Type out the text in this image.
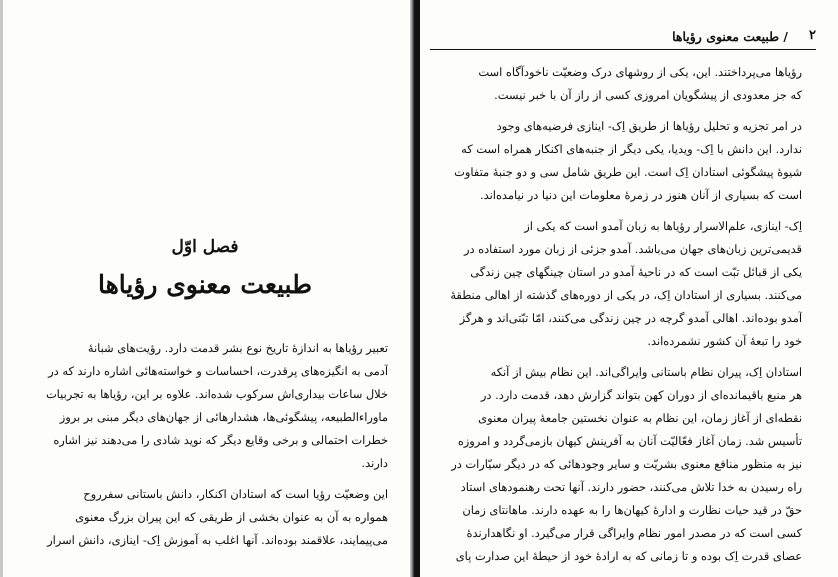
فصل اوّل
طبیعت معنوی رؤیاها
تعبیر رؤیاها به اندازهٔ تاریخ نوع بشر قدمت دارد. رؤیت‌های شبانهٔ
آدمی به انگیزه‌های پرقدرت، احساسات و خواسته‌هائی اشاره دارند که در
خلال ساعات بیداری‌اش سرکوب شده‌اند. علاوه بر این، رؤیاها به تجربیات
ماوراءالطبیعه، پیشگوئی‌ها، هشدارهائی از جهان‌های دیگر مبنی بر بروز
خطرات احتمالی و برخی وقایع دیگر که نوید شادی را می‌دهند نیز اشاره
دارند.
این وضعیّت رؤیا است که استادان اکنکار، دانش باستانی سفرروح
همواره به آن به عنوان بخشی از طریقی که این پیران بزرگ معنوی
می‌پیمایند، علاقمند بوده‌اند. آنها اغلب به آموزش اِک- اینازی، دانش اسرار
۲
/ طبیعت معنوی رؤیاها
رؤیاها می‌پرداختند. این، یکی از روشهای درک وضعیّت ناخودآگاه است
که جز معدودی از پیشگویان امروزی کسی از راز آن با خبر نیست.
در امر تجزیه و تحلیل رؤیاها از طریق اِک- اینازی فرضیه‌های وجود
ندارد. این دانش با اِک- ویدیا، یکی دیگر از جنبه‌های اکنکار همراه است که
شیوهٔ پیشگوئی استادان اِک است. این طریق شامل سی و دو جنبهٔ متفاوت
است که بسیاری از آنان هنوز در زمرهٔ معلومات این دنیا در نیامده‌اند.
اِک- اینازی، علم‌الاسرار رؤیاها به زبان آمدو است که یکی از
قدیمی‌ترین زبان‌های جهان می‌باشد. آمدو جزئی از زبان مورد استفاده در
یکی از قبائل تبّت است که در ناحیهٔ آمدو در استان چینگهای چین زندگی
می‌کنند. بسیاری از استادان اِک، در یکی از دوره‌های گذشته از اهالی منطقهٔ
آمدو بوده‌اند. اهالی آمدو گرچه در چین زندگی می‌کنند، امّا تبّتی‌اند و هرگز
خود را تبعهٔ آن کشور نشمرده‌اند.
استادان اِک، پیران نظام باستانی وایراگی‌اند. این نظام بیش از آنکه
هر منبع باقیمانده‌ای از دوران کهن بتواند گزارش دهد، قدمت دارد. در
نقطه‌ای از آغاز زمان، این نظام به عنوان نخستین جامعهٔ پیران معنوی
تأسیس شد. زمان آغاز فعّالیّت آنان به آفرینش کیهان بازمی‌گردد و امروزه
نیز به منظور منافع معنوی بشریّت و سایر وجودهائی که در دیگر سیّارات در
راه رسیدن به خدا تلاش می‌کنند، حضور دارند. آنها تحت رهنمودهای استاد
حقّ در قید حیات نظارت و ادارهٔ کیهان‌ها را به عهده دارند. ماهانتای زمان
کسی است که در مصدر امور نظام وایراگی قرار می‌گیرد. او نگاهدارندهٔ
عصای قدرت اِک بوده و تا زمانی که به ارادهٔ خود از حیطهٔ این صدارت پای
